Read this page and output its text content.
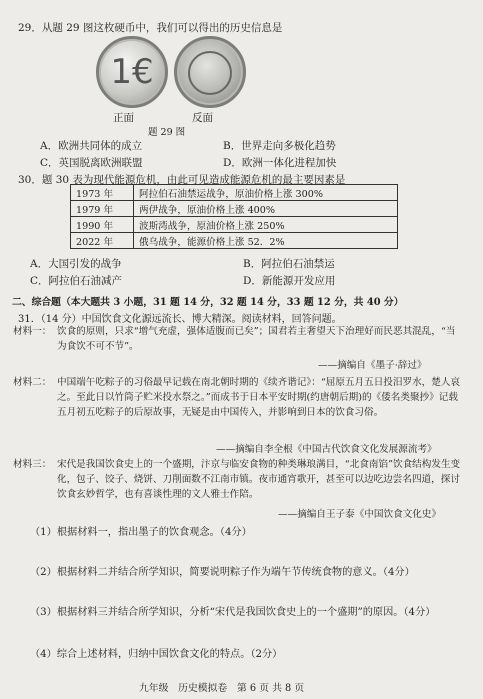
29．从题 29 图这枚硬币中，我们可以得出的历史信息是
1€
正面	反面
题 29 图
A．欧洲共同体的成立	B．世界走向多极化趋势
C．英国脱离欧洲联盟	D．欧洲一体化进程加快
30．题 30 表为现代能源危机，由此可见造成能源危机的最主要因素是
1973 年	阿拉伯石油禁运战争，原油价格上涨 300%
1979 年	两伊战争，原油价格上涨 400%
1990 年	波斯湾战争，原油价格上涨 250%
2022 年	俄乌战争，能源价格上涨 52．2%
A．大国引发的战争	B．阿拉伯石油禁运
C．阿拉伯石油减产	D．新能源开发应用
二、综合题（本大题共 3 小题，31 题 14 分，32 题 14 分，33 题 12 分，共 40 分）
31．（14 分）中国饮食文化源远流长、博大精深。阅读材料，回答问题。
材料一： 饮食的原则，只求“增气充虚，强体适腹而已矣”；国君若主奢望天下治理好而民恶其混乱，“当为食饮不可不节”。
——摘编自《墨子·辞过》
材料二： 中国端午吃粽子的习俗最早记载在南北朝时期的《续齐谐记》：“屈原五月五日投汨罗水，楚人哀之。至此日以竹筒子贮米投水祭之。”而成书于日本平安时期(约唐朝后期)的《倭名类聚抄》记载五月初五吃粽子的后原故事，无疑是由中国传入，并影响到日本的饮食习俗。
——摘编自李全根《中国古代饮食文化发展源流考》
材料三： 宋代是我国饮食史上的一个盛期，汴京与临安食物的种类琳琅满目，“北食南馅”饮食结构发生变化，包子、饺子、烧饼、刀削面数不江南市镇。夜市通宵歌开，甚至可以边吃边尝名四道，探讨饮食玄妙哲学，也有喜谈性理的文人雅士作陪。
——摘编自王子泰《中国饮食文化史》
（1）根据材料一，指出墨子的饮食观念。（4分）
（2）根据材料二并结合所学知识，简要说明粽子作为端午节传统食物的意义。（4分）
（3）根据材料三并结合所学知识，分析“宋代是我国饮食史上的一个盛期”的原因。（4分）
（4）综合上述材料，归纳中国饮食文化的特点。（2分）
九年级　历史模拟卷　第 6 页 共 8 页
